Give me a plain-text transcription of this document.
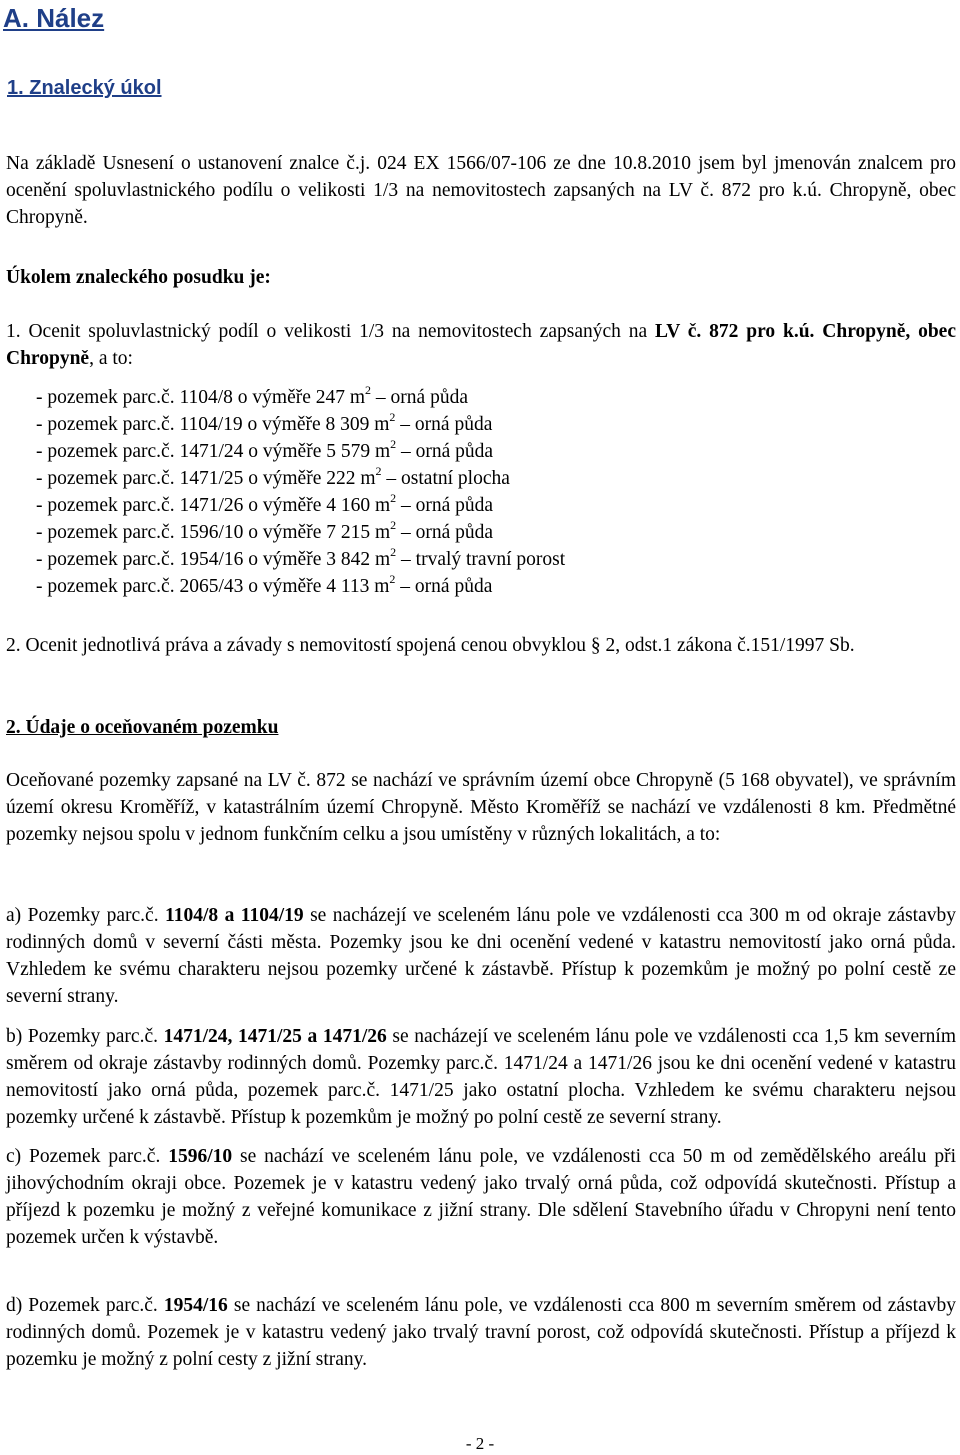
A. Nález
1. Znalecký úkol

Na základě Usnesení o ustanovení znalce č.j. 024 EX 1566/07-106 ze dne 10.8.2010 jsem byl jmenován znalcem pro ocenění spoluvlastnického podílu o velikosti 1/3 na nemovitostech zapsaných na LV č. 872 pro k.ú. Chropyně, obec Chropyně.

Úkolem znaleckého posudku je:

1. Ocenit spoluvlastnický podíl o velikosti 1/3 na nemovitostech zapsaných na LV č. 872 pro k.ú. Chropyně, obec Chropyně, a to:

- pozemek parc.č. 1104/8 o výměře 247 $m^2$ – orná půda
- pozemek parc.č. 1104/19 o výměře 8 309 $m^2$ – orná půda
- pozemek parc.č. 1471/24 o výměře 5 579 $m^2$ – orná půda
- pozemek parc.č. 1471/25 o výměře 222 $m^2$ – ostatní plocha
- pozemek parc.č. 1471/26 o výměře 4 160 $m^2$ – orná půda
- pozemek parc.č. 1596/10 o výměře 7 215 $m^2$ – orná půda
- pozemek parc.č. 1954/16 o výměře 3 842 $m^2$ – trvalý travní porost
- pozemek parc.č. 2065/43 o výměře 4 113 $m^2$ – orná půda

2. Ocenit jednotlivá práva a závady s nemovitostí spojená cenou obvyklou § 2, odst.1 zákona č.151/1997 Sb.

2. Údaje o oceňovaném pozemku

Oceňované pozemky zapsané na LV č. 872 se nachází ve správním území obce Chropyně (5 168 obyvatel), ve správním území okresu Kroměříž, v katastrálním území Chropyně. Město Kroměříž se nachází ve vzdálenosti 8 km. Předmětné pozemky nejsou spolu v jednom funkčním celku a jsou umístěny v různých lokalitách, a to:

a) Pozemky parc.č. 1104/8 a 1104/19 se nacházejí ve sceleném lánu pole ve vzdálenosti cca 300 m od okraje zástavby rodinných domů v severní části města. Pozemky jsou ke dni ocenění vedené v katastru nemovitostí jako orná půda. Vzhledem ke svému charakteru nejsou pozemky určené k zástavbě. Přístup k pozemkům je možný po polní cestě ze severní strany.

b) Pozemky parc.č. 1471/24, 1471/25 a 1471/26 se nacházejí ve sceleném lánu pole ve vzdálenosti cca 1,5 km severním směrem od okraje zástavby rodinných domů. Pozemky parc.č. 1471/24 a 1471/26 jsou ke dni ocenění vedené v katastru nemovitostí jako orná půda, pozemek parc.č. 1471/25 jako ostatní plocha. Vzhledem ke svému charakteru nejsou pozemky určené k zástavbě. Přístup k pozemkům je možný po polní cestě ze severní strany.

c) Pozemek parc.č. 1596/10 se nachází ve sceleném lánu pole, ve vzdálenosti cca 50 m od zemědělského areálu při jihovýchodním okraji obce. Pozemek je v katastru vedený jako trvalý orná půda, což odpovídá skutečnosti. Přístup a příjezd k pozemku je možný z veřejné komunikace z jižní strany. Dle sdělení Stavebního úřadu v Chropyni není tento pozemek určen k výstavbě.

d) Pozemek parc.č. 1954/16 se nachází ve sceleném lánu pole, ve vzdálenosti cca 800 m severním směrem od zástavby rodinných domů. Pozemek je v katastru vedený jako trvalý travní porost, což odpovídá skutečnosti. Přístup a příjezd k pozemku je možný z polní cesty z jižní strany.

- 2 -
